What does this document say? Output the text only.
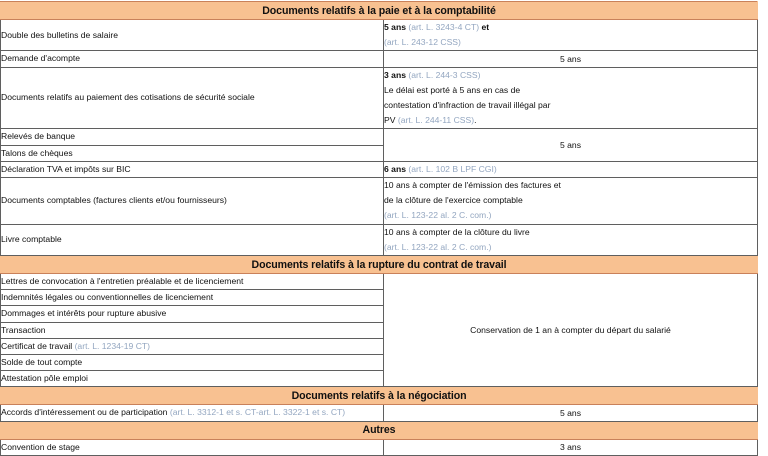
Documents relatifs à la paie et à la comptabilité	

Double des bulletins de salaire	5 ans (art. L. 3243-4 CT) et
(art. L. 243-12 CSS)

Demande d'acompte	5 ans

Documents relatifs au paiement des cotisations de sécurité sociale	3 ans (art. L. 244-3 CSS)
Le délai est porté à 5 ans en cas de
contestation d'infraction de travail illégal par
PV (art. L. 244-11 CSS).

Relevés de banque	5 ans

Talons de chèques	

Déclaration TVA et impôts sur BIC	6 ans (art. L. 102 B LPF CGI)

Documents comptables (factures clients et/ou fournisseurs)	10 ans à compter de l'émission des factures et
de la clôture de l'exercice comptable
(art. L. 123-22 al. 2 C. com.)

Livre comptable	10 ans à compter de la clôture du livre
(art. L. 123-22 al. 2 C. com.)

Documents relatifs à la rupture du contrat de travail	

Lettres de convocation à l'entretien préalable et de licenciement	Conservation de 1 an à compter du départ du salarié

Indemnités légales ou conventionnelles de licenciement	

Dommages et intérêts pour rupture abusive	

Transaction	

Certificat de travail (art. L. 1234-19 CT)	

Solde de tout compte	

Attestation pôle emploi	

Documents relatifs à la négociation	

Accords d'intéressement ou de participation (art. L. 3312-1 et s. CT-art. L. 3322-1 et s. CT)	5 ans
Autres	

Convention de stage	3 ans
